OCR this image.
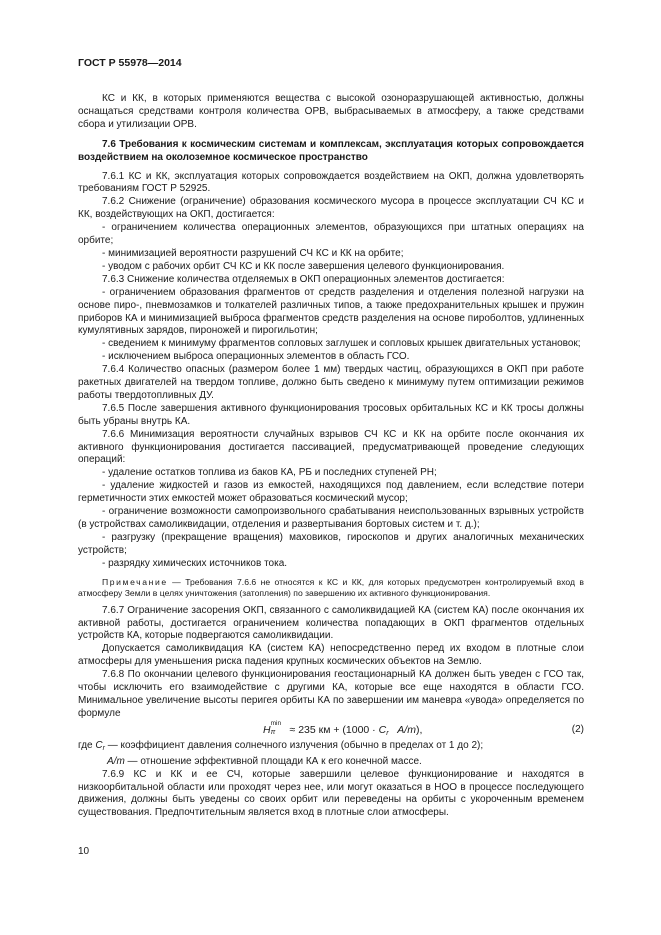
ГОСТ Р 55978—2014

КС и КК, в которых применяются вещества с высокой озоноразрушающей активностью, должны оснащаться средствами контроля количества ОРВ, выбрасываемых в атмосферу, а также средствами сбора и утилизации ОРВ.

7.6 Требования к космическим системам и комплексам, эксплуатация которых сопровождается воздействием на околоземное космическое пространство

7.6.1 КС и КК, эксплуатация которых сопровождается воздействием на ОКП, должна удовлетворять требованиям ГОСТ Р 52925.

7.6.2 Снижение (ограничение) образования космического мусора в процессе эксплуатации СЧ КС и КК, воздействующих на ОКП, достигается:

- ограничением количества операционных элементов, образующихся при штатных операциях на орбите;

- минимизацией вероятности разрушений СЧ КС и КК на орбите;

- уводом с рабочих орбит СЧ КС и КК после завершения целевого функционирования.

7.6.3 Снижение количества отделяемых в ОКП операционных элементов достигается:

- ограничением образования фрагментов от средств разделения и отделения полезной нагрузки на основе пиро-, пневмозамков и толкателей различных типов, а также предохранительных крышек и пружин приборов КА и минимизацией выброса фрагментов средств разделения на основе пироболтов, удлиненных кумулятивных зарядов, пироножей и пирогильотин;

- сведением к минимуму фрагментов сопловых заглушек и сопловых крышек двигательных установок;

- исключением выброса операционных элементов в область ГСО.

7.6.4 Количество опасных (размером более 1 мм) твердых частиц, образующихся в ОКП при работе ракетных двигателей на твердом топливе, должно быть сведено к минимуму путем оптимизации режимов работы твердотопливных ДУ.

7.6.5 После завершения активного функционирования тросовых орбитальных КС и КК тросы должны быть убраны внутрь КА.

7.6.6 Минимизация вероятности случайных взрывов СЧ КС и КК на орбите после окончания их активного функционирования достигается пассивацией, предусматривающей проведение следующих операций:

- удаление остатков топлива из баков КА, РБ и последних ступеней РН;

- удаление жидкостей и газов из емкостей, находящихся под давлением, если вследствие потери герметичности этих емкостей может образоваться космический мусор;

- ограничение возможности самопроизвольного срабатывания неиспользованных взрывных устройств (в устройствах самоликвидации, отделения и развертывания бортовых систем и т. д.);

- разгрузку (прекращение вращения) маховиков, гироскопов и других аналогичных механических устройств;

- разрядку химических источников тока.

Примечание — Требования 7.6.6 не относятся к КС и КК, для которых предусмотрен контролируемый вход в атмосферу Земли в целях уничтожения (затопления) по завершению их активного функционирования.

7.6.7 Ограничение засорения ОКП, связанного с самоликвидацией КА (систем КА) после окончания их активной работы, достигается ограничением количества попадающих в ОКП фрагментов отдельных устройств КА, которые подвергаются самоликвидации.

Допускается самоликвидация КА (систем КА) непосредственно перед их входом в плотные слои атмосферы для уменьшения риска падения крупных космических объектов на Землю.

7.6.8 По окончании целевого функционирования геостационарный КА должен быть уведен с ГСО так, чтобы исключить его взаимодействие с другими КА, которые все еще находятся в области ГСО. Минимальное увеличение высоты перигея орбиты КА по завершении им маневра «увода» определяется по формуле

H
min
π ≈ 235 км + ($1000 \cdot C_r$ A/m),	(2)

где $C_r$ — коэффициент давления солнечного излучения (обычно в пределах от 1 до 2);

A/m — отношение эффективной площади КА к его конечной массе.

7.6.9 КС и КК и ее СЧ, которые завершили целевое функционирование и находятся в низкоорбитальной области или проходят через нее, или могут оказаться в НОО в процессе последующего движения, должны быть уведены со своих орбит или переведены на орбиты с укороченным временем существования. Предпочтительным является вход в плотные слои атмосферы.

10
